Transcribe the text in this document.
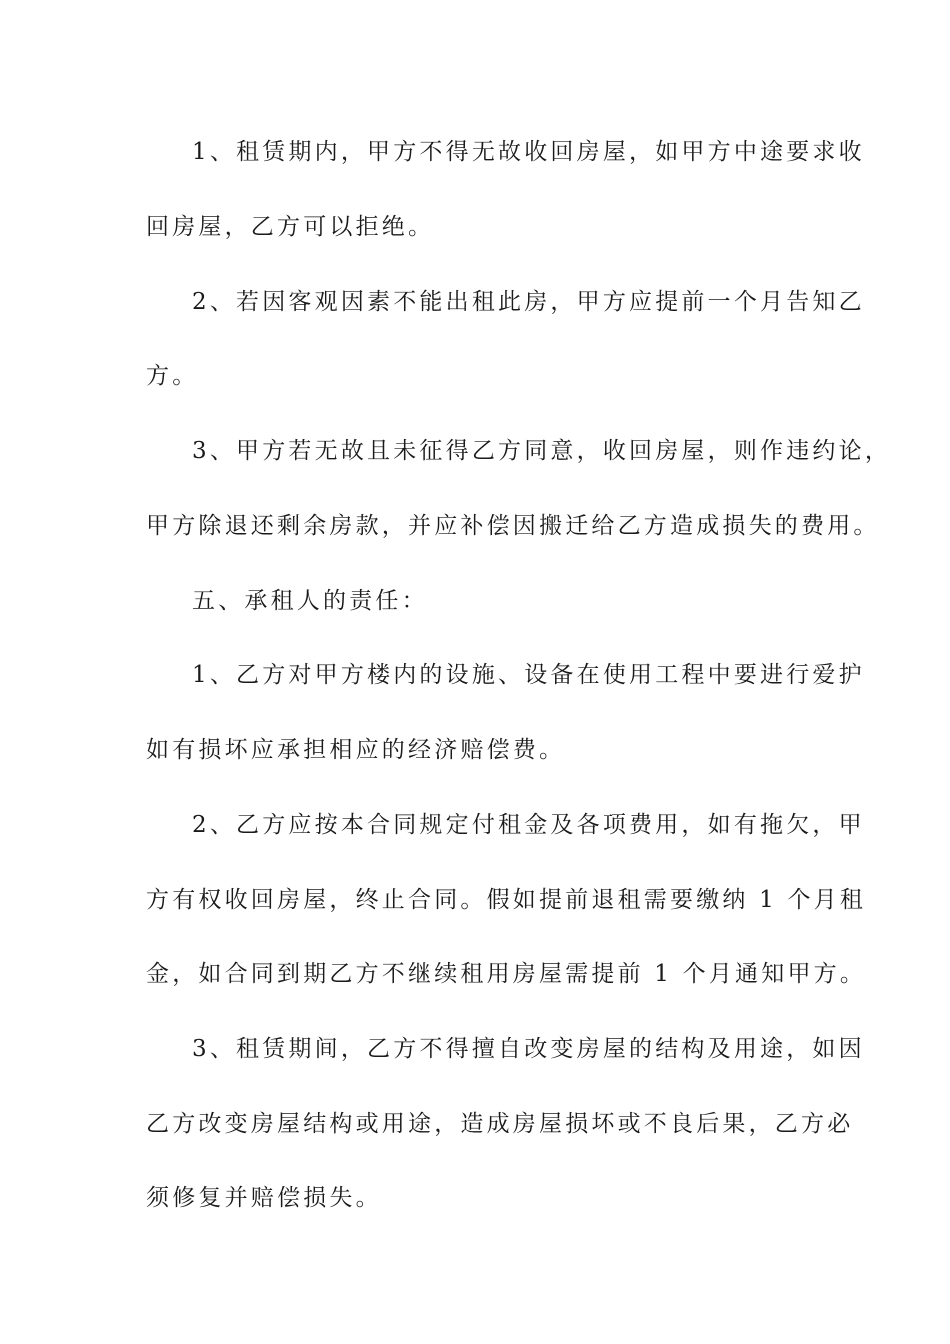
1、租赁期内，甲方不得无故收回房屋，如甲方中途要求收
回房屋，乙方可以拒绝。
2、若因客观因素不能出租此房，甲方应提前一个月告知乙
方。
3、甲方若无故且未征得乙方同意，收回房屋，则作违约论，
甲方除退还剩余房款，并应补偿因搬迁给乙方造成损失的费用。
五、承租人的责任：
1、乙方对甲方楼内的设施、设备在使用工程中要进行爱护
如有损坏应承担相应的经济赔偿费。
2、乙方应按本合同规定付租金及各项费用，如有拖欠，甲
方有权收回房屋，终止合同。假如提前退租需要缴纳 1 个月租
金，如合同到期乙方不继续租用房屋需提前 1 个月通知甲方。
3、租赁期间，乙方不得擅自改变房屋的结构及用途，如因
乙方改变房屋结构或用途，造成房屋损坏或不良后果，乙方必
须修复并赔偿损失。
